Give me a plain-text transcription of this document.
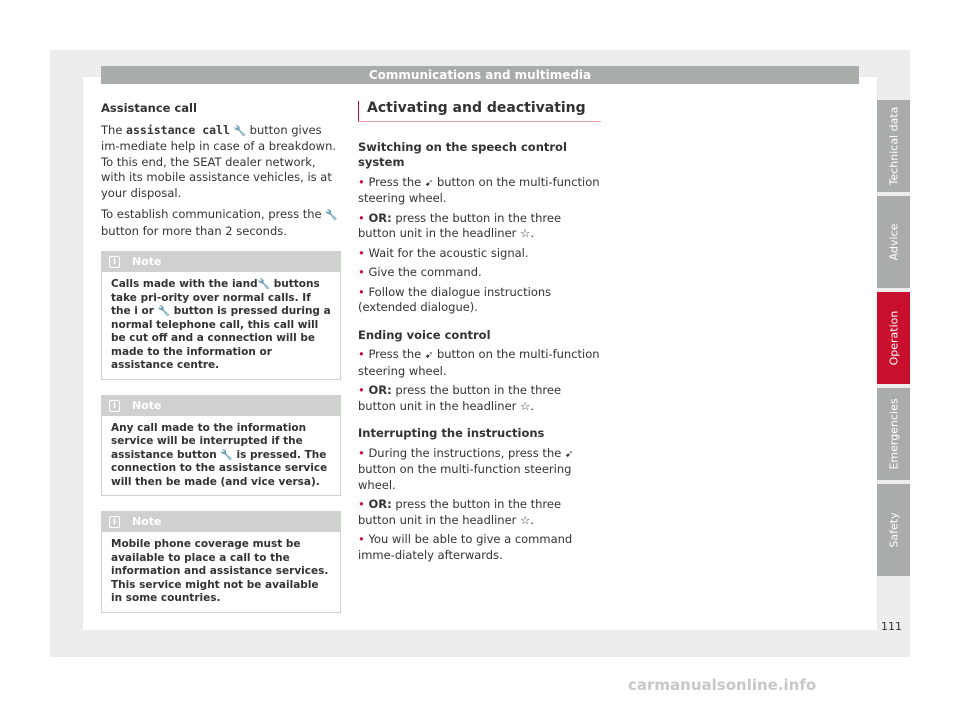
Communications and multimedia

Assistance call

The assistance call 🔧 button gives im-mediate help in case of a breakdown. To this end, the SEAT dealer network, with its mobile assistance vehicles, is at your disposal.

To establish communication, press the 🔧 button for more than 2 seconds.

i	Note
Calls made with the iand🔧 buttons take pri-ority over normal calls. If the i or 🔧 button is pressed during a normal telephone call, this call will be cut off and a connection will be made to the information or assistance centre.
i	Note
Any call made to the information service will be interrupted if the assistance button 🔧 is pressed. The connection to the assistance service will then be made (and vice versa).
i	Note
Mobile phone coverage must be available to place a call to the information and assistance services. This service might not be available in some countries.
Activating and deactivating

Switching on the speech control system

• Press the ➹ button on the multi-function steering wheel.

• OR: press the button in the three button unit in the headliner ☆.

• Wait for the acoustic signal.

• Give the command.

• Follow the dialogue instructions (extended dialogue).

Ending voice control

• Press the ➹ button on the multi-function steering wheel.

• OR: press the button in the three button unit in the headliner ☆.

Interrupting the instructions

• During the instructions, press the ➹ button on the multi-function steering wheel.

• OR: press the button in the three button unit in the headliner ☆.

• You will be able to give a command imme-diately afterwards.

Technical data
Advice
Operation
Emergencies
Safety
111
carmanualsonline.info
